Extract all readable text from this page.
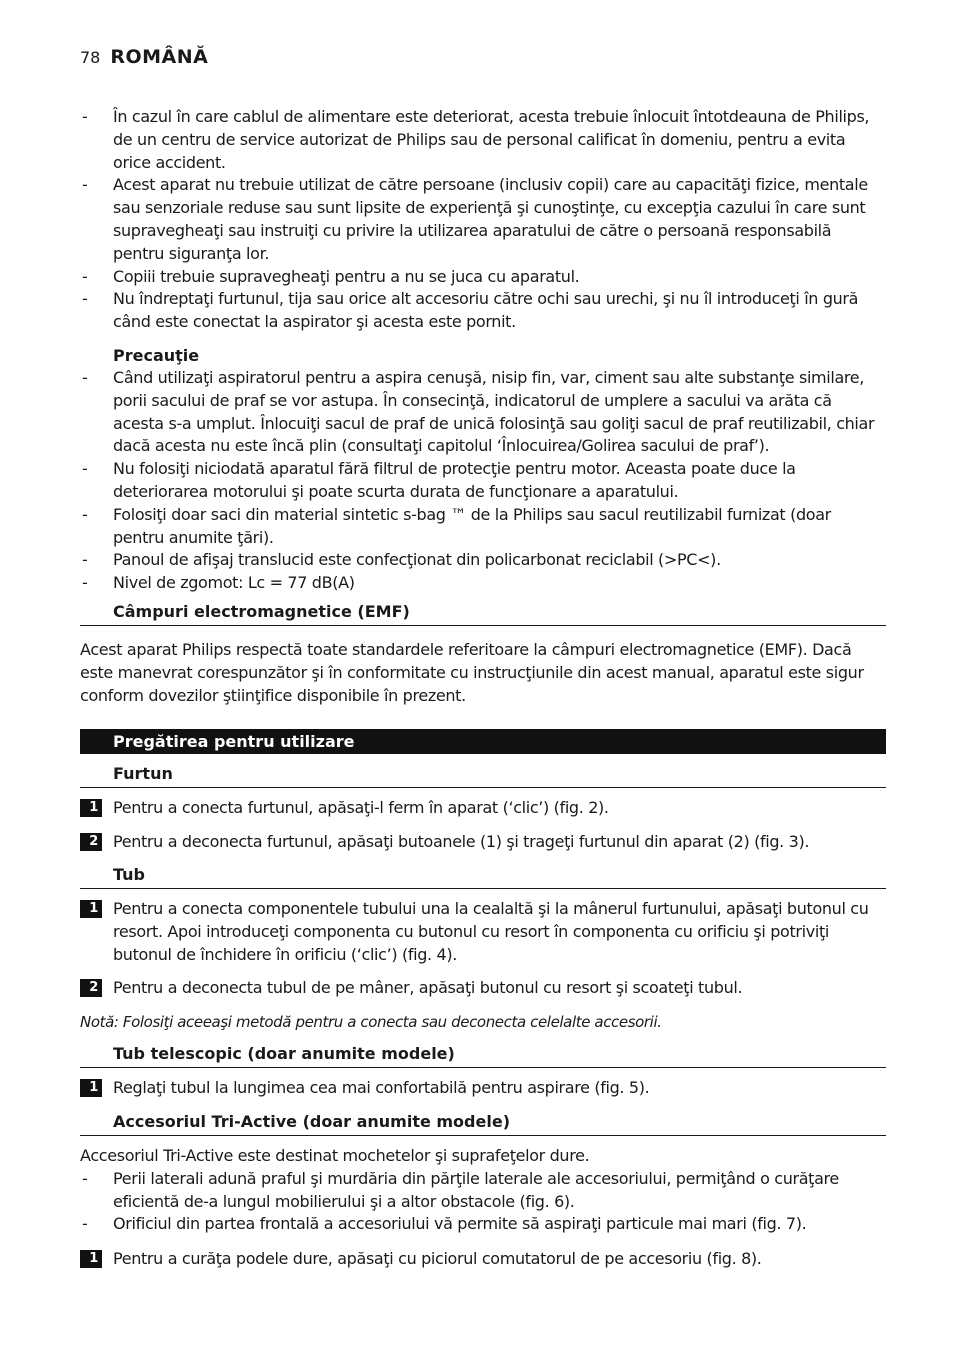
78 ROMÂNĂ
- În cazul în care cablul de alimentare este deteriorat, acesta trebuie înlocuit întotdeauna de Philips, de un centru de service autorizat de Philips sau de personal calificat în domeniu, pentru a evita orice accident.
- Acest aparat nu trebuie utilizat de către persoane (inclusiv copii) care au capacităţi fizice, mentale sau senzoriale reduse sau sunt lipsite de experienţă şi cunoştinţe, cu excepţia cazului în care sunt supravegheaţi sau instruiţi cu privire la utilizarea aparatului de către o persoană responsabilă pentru siguranţa lor.
- Copiii trebuie supravegheaţi pentru a nu se juca cu aparatul.
- Nu îndreptaţi furtunul, tija sau orice alt accesoriu către ochi sau urechi, şi nu îl introduceţi în gură când este conectat la aspirator şi acesta este pornit.
Precauţie
- Când utilizaţi aspiratorul pentru a aspira cenuşă, nisip fin, var, ciment sau alte substanţe similare, porii sacului de praf se vor astupa. În consecinţă, indicatorul de umplere a sacului va arăta că acesta s-a umplut. Înlocuiţi sacul de praf de unică folosinţă sau goliţi sacul de praf reutilizabil, chiar dacă acesta nu este încă plin (consultaţi capitolul ‘Înlocuirea/Golirea sacului de praf’).
- Nu folosiţi niciodată aparatul fără filtrul de protecţie pentru motor. Aceasta poate duce la deteriorarea motorului şi poate scurta durata de funcţionare a aparatului.
- Folosiţi doar saci din material sintetic s-bag ™ de la Philips sau sacul reutilizabil furnizat (doar pentru anumite ţări).
- Panoul de afişaj translucid este confecţionat din policarbonat reciclabil (>PC<).
- Nivel de zgomot: Lc = 77 dB(A)
Câmpuri electromagnetice (EMF)
Acest aparat Philips respectă toate standardele referitoare la câmpuri electromagnetice (EMF). Dacă este manevrat corespunzător şi în conformitate cu instrucţiunile din acest manual, aparatul este sigur conform dovezilor ştiinţifice disponibile în prezent.
Pregătirea pentru utilizare
Furtun
1 Pentru a conecta furtunul, apăsaţi-l ferm în aparat (‘clic’) (fig. 2).
2 Pentru a deconecta furtunul, apăsaţi butoanele (1) şi trageţi furtunul din aparat (2) (fig. 3).
Tub
1 Pentru a conecta componentele tubului una la cealaltă şi la mânerul furtunului, apăsaţi butonul cu resort. Apoi introduceţi componenta cu butonul cu resort în componenta cu orificiu şi potriviţi butonul de închidere în orificiu (‘clic’) (fig. 4).
2 Pentru a deconecta tubul de pe mâner, apăsaţi butonul cu resort şi scoateţi tubul.
Notă: Folosiţi aceeaşi metodă pentru a conecta sau deconecta celelalte accesorii.
Tub telescopic (doar anumite modele)
1 Reglaţi tubul la lungimea cea mai confortabilă pentru aspirare (fig. 5).
Accesoriul Tri-Active (doar anumite modele)
Accesoriul Tri-Active este destinat mochetelor şi suprafeţelor dure.
- Perii laterali adună praful şi murdăria din părţile laterale ale accesoriului, permiţând o curăţare eficientă de-a lungul mobilierului şi a altor obstacole (fig. 6).
- Orificiul din partea frontală a accesoriului vă permite să aspiraţi particule mai mari (fig. 7).
1 Pentru a curăţa podele dure, apăsaţi cu piciorul comutatorul de pe accesoriu (fig. 8).
